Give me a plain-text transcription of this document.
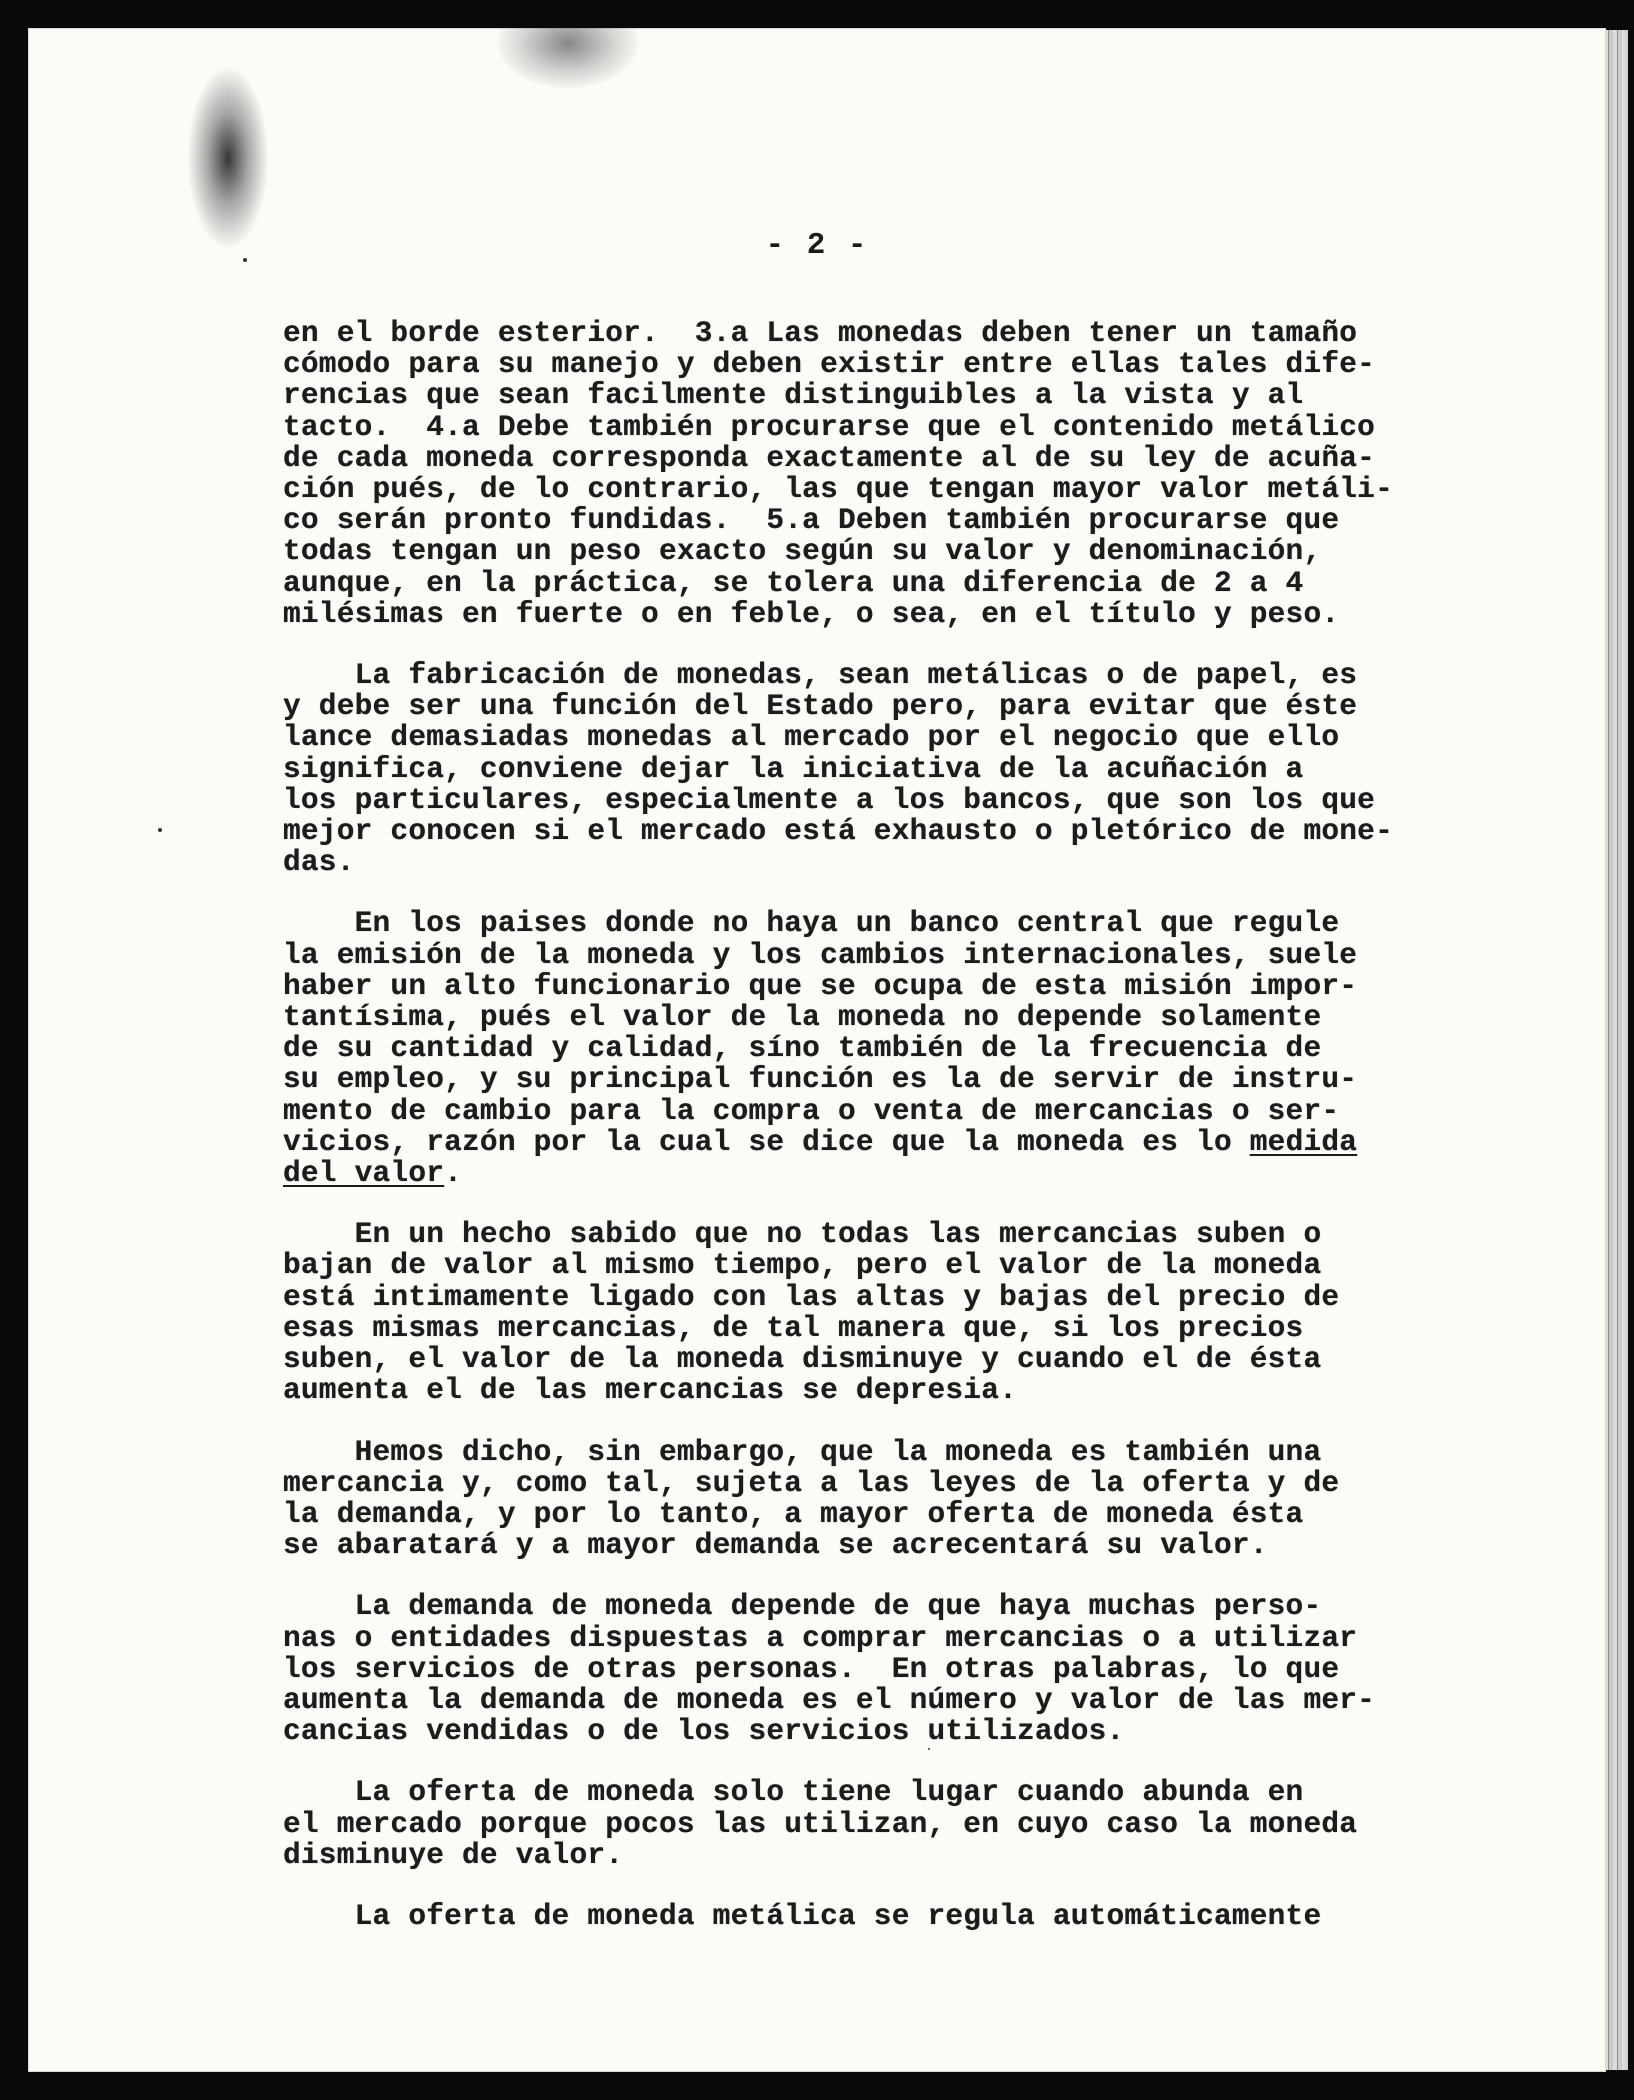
- 2 -
en el borde esterior.  3.a Las monedas deben tener un tamaño
cómodo para su manejo y deben existir entre ellas tales dife-
rencias que sean facilmente distinguibles a la vista y al
tacto.  4.a Debe también procurarse que el contenido metálico
de cada moneda corresponda exactamente al de su ley de acuña-
ción pués, de lo contrario, las que tengan mayor valor metáli-
co serán pronto fundidas.  5.a Deben también procurarse que
todas tengan un peso exacto según su valor y denominación,
aunque, en la práctica, se tolera una diferencia de 2 a 4
milésimas en fuerte o en feble, o sea, en el título y peso.
La fabricación de monedas, sean metálicas o de papel, es
y debe ser una función del Estado pero, para evitar que éste
lance demasiadas monedas al mercado por el negocio que ello
significa, conviene dejar la iniciativa de la acuñación a
los particulares, especialmente a los bancos, que son los que
mejor conocen si el mercado está exhausto o pletórico de mone-
das.
En los paises donde no haya un banco central que regule
la emisión de la moneda y los cambios internacionales, suele
haber un alto funcionario que se ocupa de esta misión impor-
tantísima, pués el valor de la moneda no depende solamente
de su cantidad y calidad, síno también de la frecuencia de
su empleo, y su principal función es la de servir de instru-
mento de cambio para la compra o venta de mercancias o ser-
vicios, razón por la cual se dice que la moneda es lo medida
del valor.
En un hecho sabido que no todas las mercancias suben o
bajan de valor al mismo tiempo, pero el valor de la moneda
está intimamente ligado con las altas y bajas del precio de
esas mismas mercancias, de tal manera que, si los precios
suben, el valor de la moneda disminuye y cuando el de ésta
aumenta el de las mercancias se depresia.
Hemos dicho, sin embargo, que la moneda es también una
mercancia y, como tal, sujeta a las leyes de la oferta y de
la demanda, y por lo tanto, a mayor oferta de moneda ésta
se abaratará y a mayor demanda se acrecentará su valor.
La demanda de moneda depende de que haya muchas perso-
nas o entidades dispuestas a comprar mercancias o a utilizar
los servicios de otras personas.  En otras palabras, lo que
aumenta la demanda de moneda es el número y valor de las mer-
cancias vendidas o de los servicios utilizados.
La oferta de moneda solo tiene lugar cuando abunda en
el mercado porque pocos las utilizan, en cuyo caso la moneda
disminuye de valor.
La oferta de moneda metálica se regula automáticamente
